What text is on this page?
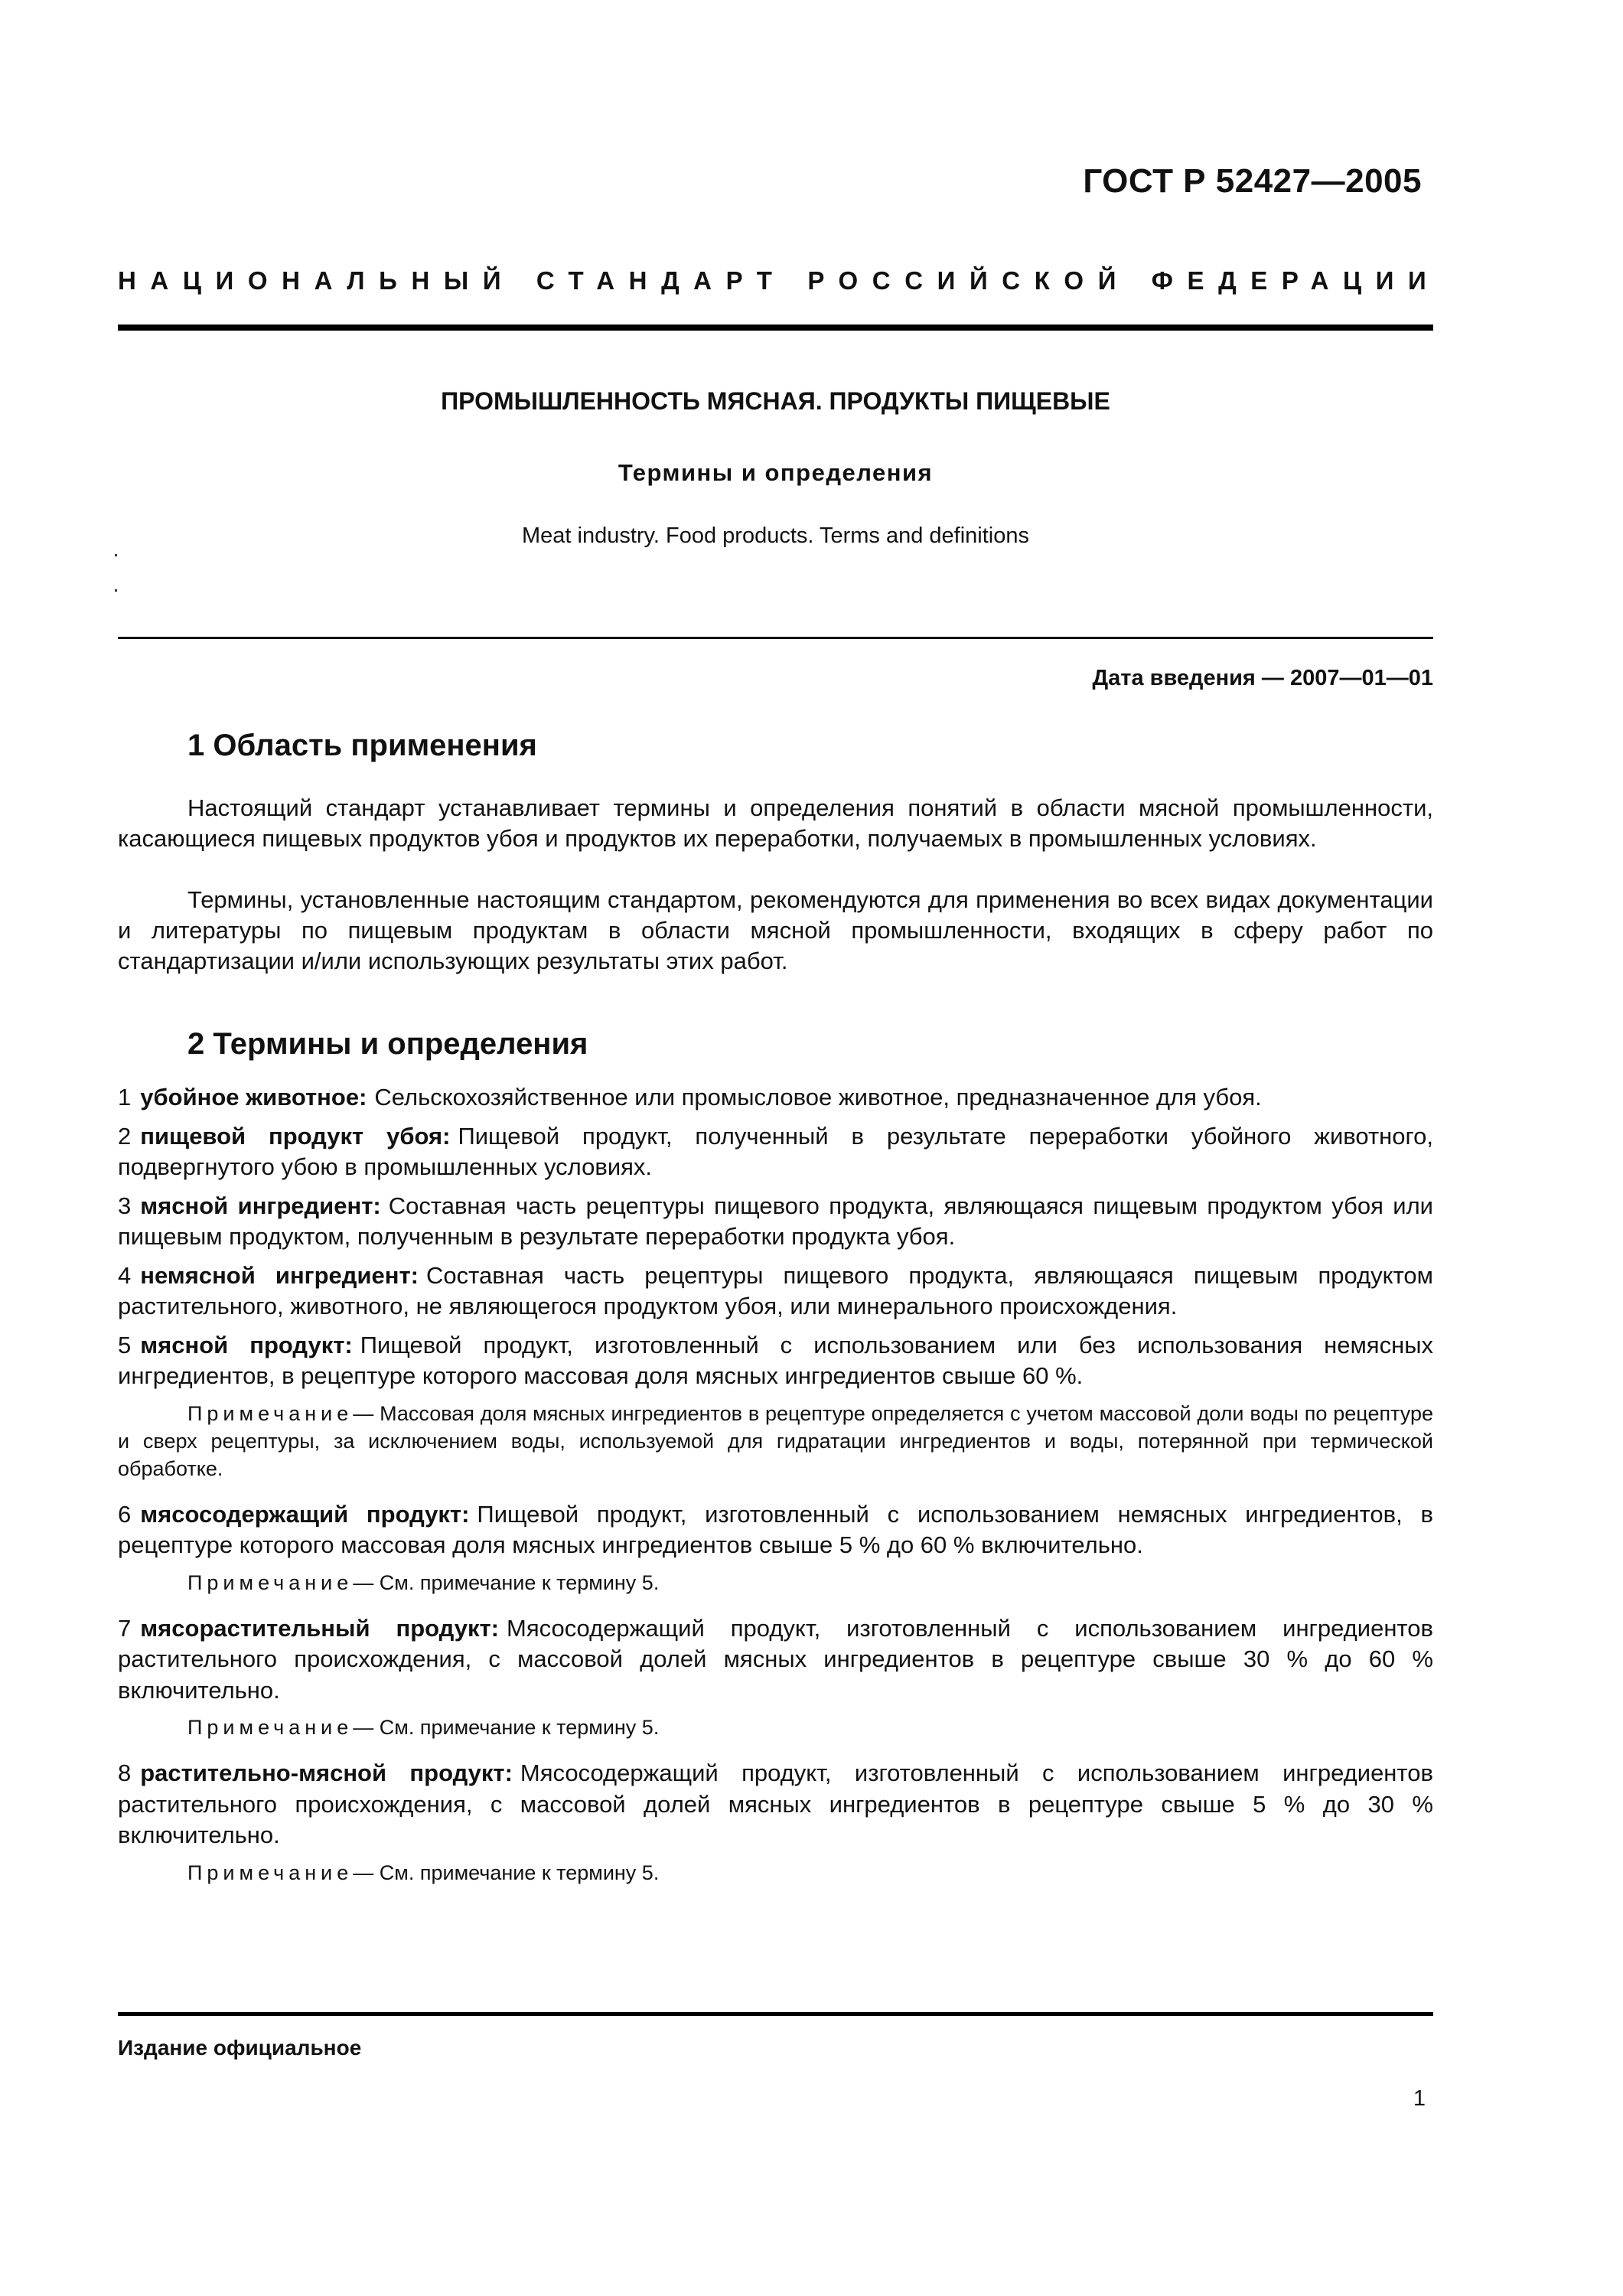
ГОСТ Р 52427—2005
НАЦИОНАЛЬНЫЙ СТАНДАРТ РОССИЙСКОЙ ФЕДЕРАЦИИ
ПРОМЫШЛЕННОСТЬ МЯСНАЯ. ПРОДУКТЫ ПИЩЕВЫЕ
Термины и определения
Meat industry. Food products. Terms and definitions
Дата введения — 2007—01—01
1 Область применения
Настоящий стандарт устанавливает термины и определения понятий в области мясной промышленности, касающиеся пищевых продуктов убоя и продуктов их переработки, получаемых в промышленных условиях.
Термины, установленные настоящим стандартом, рекомендуются для применения во всех видах документации и литературы по пищевым продуктам в области мясной промышленности, входящих в сферу работ по стандартизации и/или использующих результаты этих работ.
2 Термины и определения

1 убойное животное: Сельскохозяйственное или промысловое животное, предназначенное для убоя.

2 пищевой продукт убоя: Пищевой продукт, полученный в результате переработки убойного животного, подвергнутого убою в промышленных условиях.

3 мясной ингредиент: Составная часть рецептуры пищевого продукта, являющаяся пищевым продуктом убоя или пищевым продуктом, полученным в результате переработки продукта убоя.

4 немясной ингредиент: Составная часть рецептуры пищевого продукта, являющаяся пищевым продуктом растительного, животного, не являющегося продуктом убоя, или минерального происхождения.

5 мясной продукт: Пищевой продукт, изготовленный с использованием или без использования немясных ингредиентов, в рецептуре которого массовая доля мясных ингредиентов свыше 60 %.

Примечание— Массовая доля мясных ингредиентов в рецептуре определяется с учетом массовой доли воды по рецептуре и сверх рецептуры, за исключением воды, используемой для гидратации ингредиентов и воды, потерянной при термической обработке.

6 мясосодержащий продукт: Пищевой продукт, изготовленный с использованием немясных ингредиентов, в рецептуре которого массовая доля мясных ингредиентов свыше 5 % до 60 % включительно.

Примечание— См. примечание к термину 5.

7 мясорастительный продукт: Мясосодержащий продукт, изготовленный с использованием ингредиентов растительного происхождения, с массовой долей мясных ингредиентов в рецептуре свыше 30 % до 60 % включительно.

Примечание— См. примечание к термину 5.

8 растительно-мясной продукт: Мясосодержащий продукт, изготовленный с использованием ингредиентов растительного происхождения, с массовой долей мясных ингредиентов в рецептуре свыше 5 % до 30 % включительно.

Примечание— См. примечание к термину 5.

Издание официальное
1
